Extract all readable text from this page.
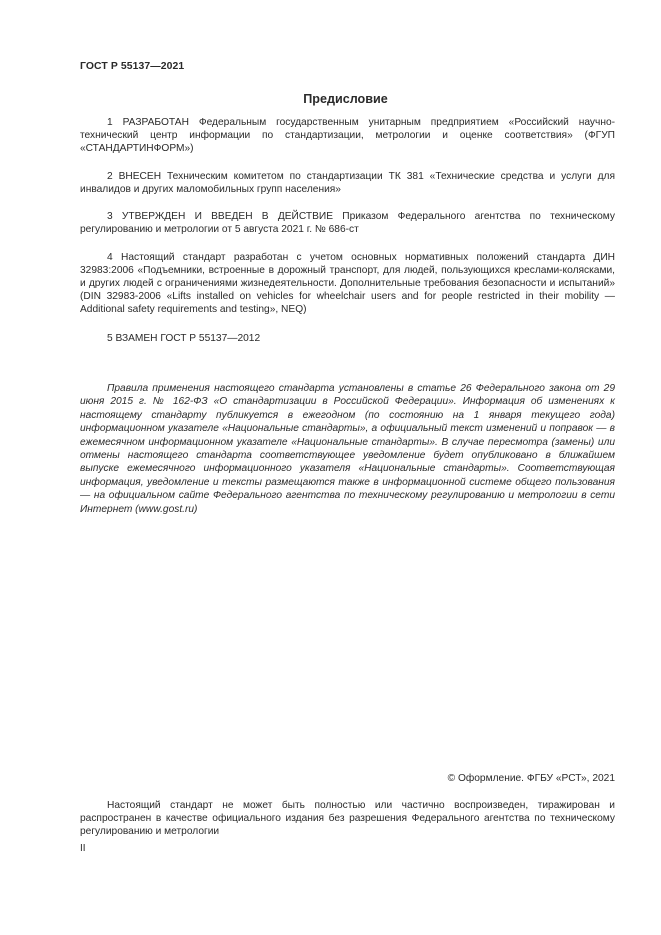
ГОСТ Р 55137—2021
Предисловие

1 РАЗРАБОТАН Федеральным государственным унитарным предприятием «Российский научно-технический центр информации по стандартизации, метрологии и оценке соответствия» (ФГУП «СТАНДАРТИНФОРМ»)

2 ВНЕСЕН Техническим комитетом по стандартизации ТК 381 «Технические средства и услуги для инвалидов и других маломобильных групп населения»

3 УТВЕРЖДЕН И ВВЕДЕН В ДЕЙСТВИЕ Приказом Федерального агентства по техническому регулированию и метрологии от 5 августа 2021 г. № 686-ст

4 Настоящий стандарт разработан с учетом основных нормативных положений стандарта ДИН 32983:2006 «Подъемники, встроенные в дорожный транспорт, для людей, пользующихся креслами-колясками, и других людей с ограничениями жизнедеятельности. Дополнительные требования безопасности и испытаний» (DIN 32983-2006 «Lifts installed on vehicles for wheelchair users and for people restricted in their mobility — Additional safety requirements and testing», NEQ)

5 ВЗАМЕН ГОСТ Р 55137—2012

Правила применения настоящего стандарта установлены в статье 26 Федерального закона от 29 июня 2015 г. № 162-ФЗ «О стандартизации в Российской Федерации». Информация об изменениях к настоящему стандарту публикуется в ежегодном (по состоянию на 1 января текущего года) информационном указателе «Национальные стандарты», а официальный текст изменений и поправок — в ежемесячном информационном указателе «Национальные стандарты». В случае пересмотра (замены) или отмены настоящего стандарта соответствующее уведомление будет опубликовано в ближайшем выпуске ежемесячного информационного указателя «Национальные стандарты». Соответствующая информация, уведомление и тексты размещаются также в информационной системе общего пользования — на официальном сайте Федерального агентства по техническому регулированию и метрологии в сети Интернет (www.gost.ru)

© Оформление. ФГБУ «РСТ», 2021

Настоящий стандарт не может быть полностью или частично воспроизведен, тиражирован и распространен в качестве официального издания без разрешения Федерального агентства по техническому регулированию и метрологии

II
